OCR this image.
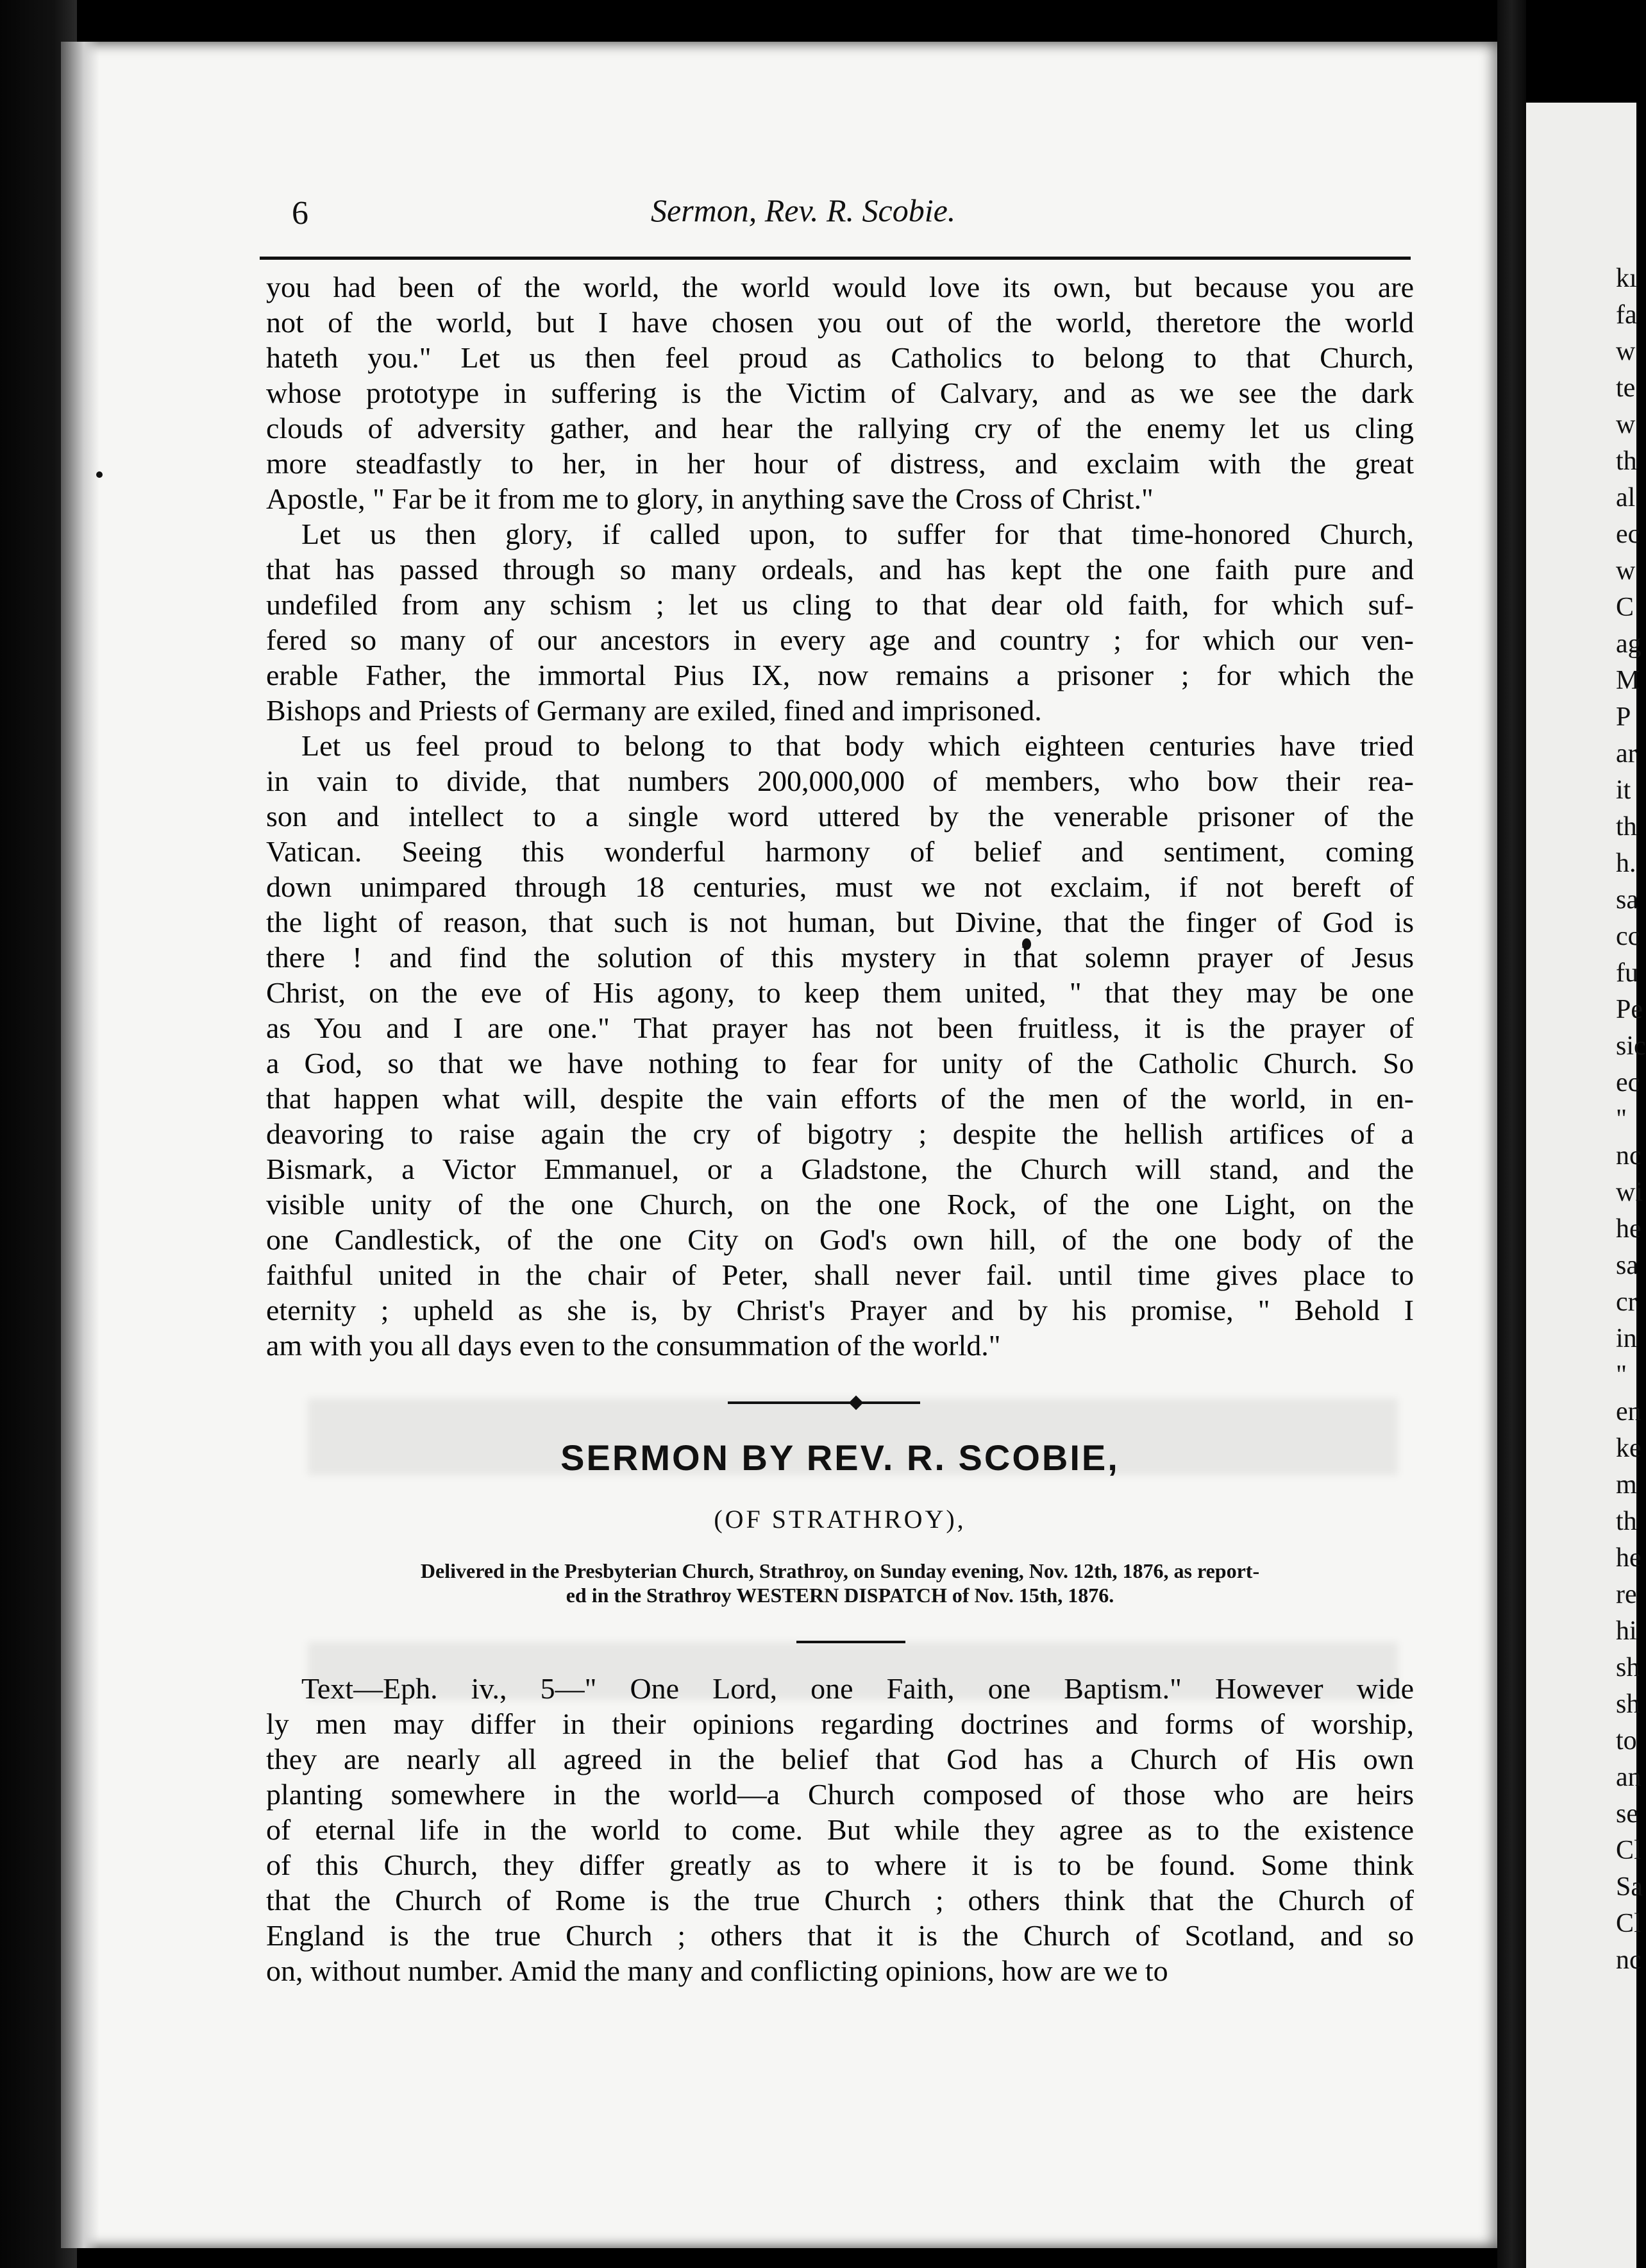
kı
fa
w
te
w
th
al
ec
w
C
ag
M
P
ar
it
th
h.
sa
cc
fu
Pe
sic
ec
"
nc
wi
he
sa
cr
in
"
en
ke
m
th
he
re
hi
sh
sh
to
an
se
Cl
Sa
Cl
nc
6	Sermon, Rev. R. Scobie.
you had been of the world, the world would love its own, but because you are
not of the world, but I have chosen you out of the world, theretore the world
hateth you." Let us then feel proud as Catholics to belong to that Church,
whose prototype in suffering is the Victim of Calvary, and as we see the dark
clouds of adversity gather, and hear the rallying cry of the enemy let us cling
more steadfastly to her, in her hour of distress, and exclaim with the great
Apostle, " Far be it from me to glory, in anything save the Cross of Christ."
Let us then glory, if called upon, to suffer for that time-honored Church,
that has passed through so many ordeals, and has kept the one faith pure and
undefiled from any schism ; let us cling to that dear old faith, for which suf-
fered so many of our ancestors in every age and country ; for which our ven-
erable Father, the immortal Pius IX, now remains a prisoner ; for which the
Bishops and Priests of Germany are exiled, fined and imprisoned.
Let us feel proud to belong to that body which eighteen centuries have tried
in vain to divide, that numbers 200,000,000 of members, who bow their rea-
son and intellect to a single word uttered by the venerable prisoner of the
Vatican. Seeing this wonderful harmony of belief and sentiment, coming
down unimpared through 18 centuries, must we not exclaim, if not bereft of
the light of reason, that such is not human, but Divine, that the finger of God is
there ! and find the solution of this mystery in that solemn prayer of Jesus
Christ, on the eve of His agony, to keep them united, " that they may be one
as You and I are one." That prayer has not been fruitless, it is the prayer of
a God, so that we have nothing to fear for unity of the Catholic Church. So
that happen what will, despite the vain efforts of the men of the world, in en-
deavoring to raise again the cry of bigotry ; despite the hellish artifices of a
Bismark, a Victor Emmanuel, or a Gladstone, the Church will stand, and the
visible unity of the one Church, on the one Rock, of the one Light, on the
one Candlestick, of the one City on God's own hill, of the one body of the
faithful united in the chair of Peter, shall never fail. until time gives place to
eternity ; upheld as she is, by Christ's Prayer and by his promise, " Behold I
am with you all days even to the consummation of the world."
SERMON BY REV. R. SCOBIE,
(OF STRATHROY),
Delivered in the Presbyterian Church, Strathroy, on Sunday evening, Nov. 12th, 1876, as report-
ed in the Strathroy WESTERN DISPATCH of Nov. 15th, 1876.
Text—Eph. iv., 5—" One Lord, one Faith, one Baptism." However wide
ly men may differ in their opinions regarding doctrines and forms of worship,
they are nearly all agreed in the belief that God has a Church of His own
planting somewhere in the world—a Church composed of those who are heirs
of eternal life in the world to come. But while they agree as to the existence
of this Church, they differ greatly as to where it is to be found. Some think
that the Church of Rome is the true Church ; others think that the Church of
England is the true Church ; others that it is the Church of Scotland, and so
on, without number. Amid the many and conflicting opinions, how are we to
